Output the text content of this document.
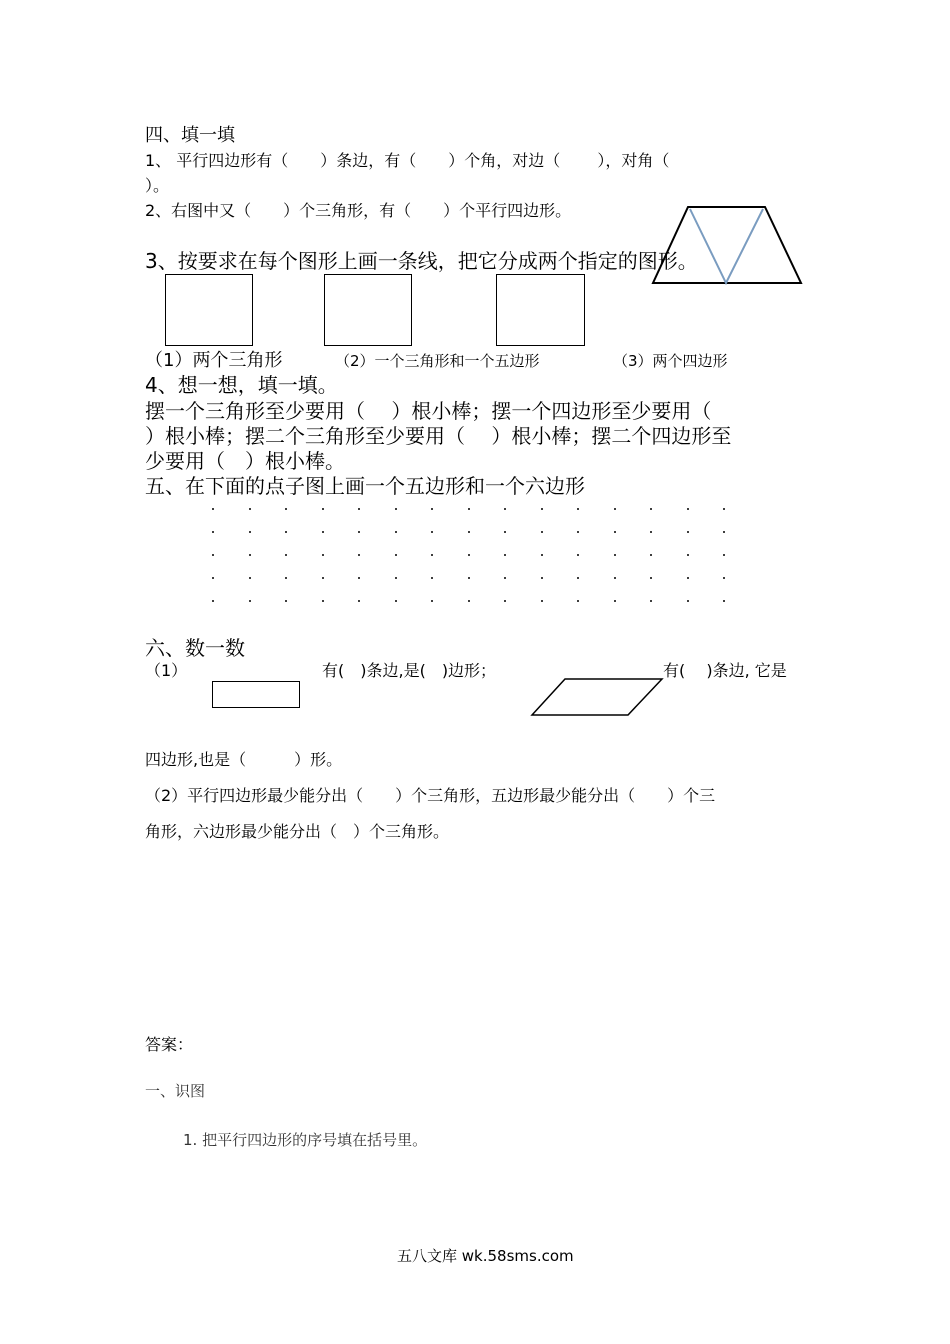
四、填一填
1、 平行四边形有（　　）条边，有（　　）个角，对边（　　 ），对角（
）。
2、右图中又（　　）个三角形，有（　　）个平行四边形。
3、按要求在每个图形上画一条线，把它分成两个指定的图形。
（1）两个三角形	（2）一个三角形和一个五边形	（3）两个四边形
4、想一想，填一填。
摆一个三角形至少要用（　 ）根小棒；摆一个四边形至少要用（
）根小棒；摆二个三角形至少要用（　 ）根小棒；摆二个四边形至
少要用（　）根小棒。
五、在下面的点子图上画一个五边形和一个六边形
六、数一数
（1）	有(　)条边,是(　)边形；	有(　 )条边, 它是
四边形,也是（　　　）形。
（2）平行四边形最少能分出（　　）个三角形，五边形最少能分出（　　）个三
角形，六边形最少能分出（　）个三角形。
答案：
一、识图
1. 把平行四边形的序号填在括号里。
五八文库 wk.58sms.com
